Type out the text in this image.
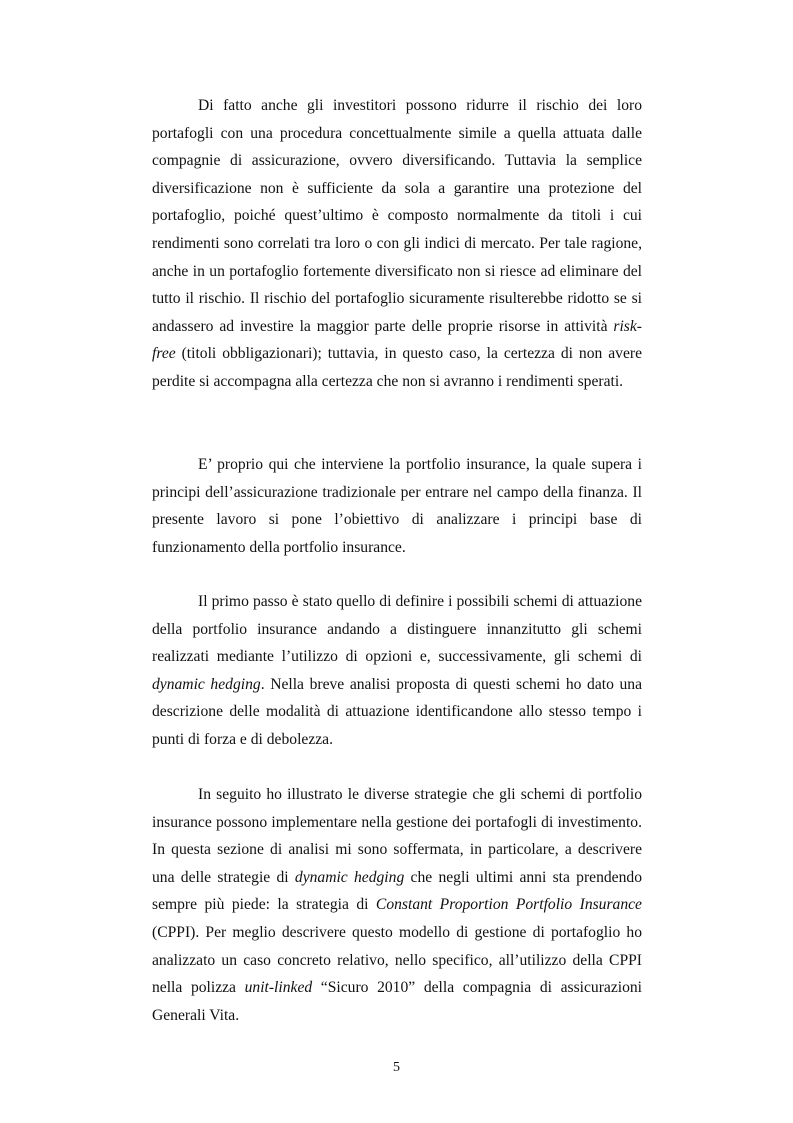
Di fatto anche gli investitori possono ridurre il rischio dei loro portafogli con una procedura concettualmente simile a quella attuata dalle compagnie di assicurazione, ovvero diversificando. Tuttavia la semplice diversificazione non è sufficiente da sola a garantire una protezione del portafoglio, poiché quest’ultimo è composto normalmente da titoli i cui rendimenti sono correlati tra loro o con gli indici di mercato. Per tale ragione, anche in un portafoglio fortemente diversificato non si riesce ad eliminare del tutto il rischio. Il rischio del portafoglio sicuramente risulterebbe ridotto se si andassero ad investire la maggior parte delle proprie risorse in attività risk-free (titoli obbligazionari); tuttavia, in questo caso, la certezza di non avere perdite si accompagna alla certezza che non si avranno i rendimenti sperati.

E’ proprio qui che interviene la portfolio insurance, la quale supera i principi dell’assicurazione tradizionale per entrare nel campo della finanza. Il presente lavoro si pone l’obiettivo di analizzare i principi base di funzionamento della portfolio insurance.

Il primo passo è stato quello di definire i possibili schemi di attuazione della portfolio insurance andando a distinguere innanzitutto gli schemi realizzati mediante l’utilizzo di opzioni e, successivamente, gli schemi di dynamic hedging. Nella breve analisi proposta di questi schemi ho dato una descrizione delle modalità di attuazione identificandone allo stesso tempo i punti di forza e di debolezza.

In seguito ho illustrato le diverse strategie che gli schemi di portfolio insurance possono implementare nella gestione dei portafogli di investimento. In questa sezione di analisi mi sono soffermata, in particolare, a descrivere una delle strategie di dynamic hedging che negli ultimi anni sta prendendo sempre più piede: la strategia di Constant Proportion Portfolio Insurance (CPPI). Per meglio descrivere questo modello di gestione di portafoglio ho analizzato un caso concreto relativo, nello specifico, all’utilizzo della CPPI nella polizza unit-linked “Sicuro 2010” della compagnia di assicurazioni Generali Vita.

5
